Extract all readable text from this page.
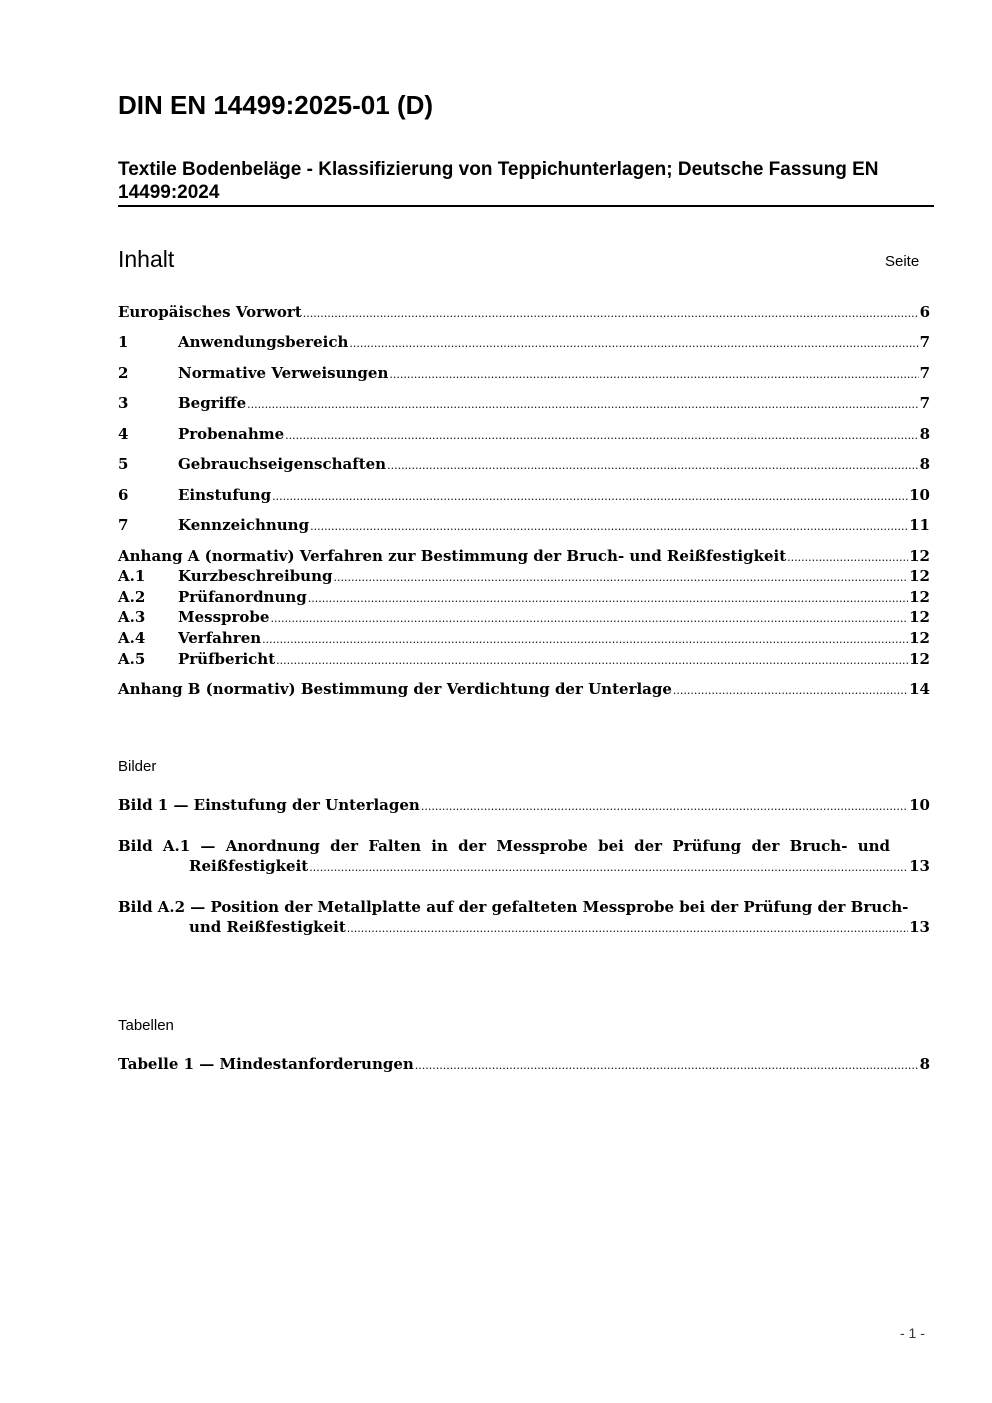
DIN EN 14499:2025-01 (D)
Textile Bodenbeläge - Klassifizierung von Teppichunterlagen; Deutsche Fassung EN 14499:2024
Inhalt	Seite
Europäisches Vorwort .....	6
1	Anwendungsbereich .....	7
2	Normative Verweisungen .....	7
3	Begriffe .....	7
4	Probenahme .....	8
5	Gebrauchseigenschaften .....	8
6	Einstufung .....	10
7	Kennzeichnung .....	11
Anhang A (normativ) Verfahren zur Bestimmung der Bruch- und Reißfestigkeit .....	12
A.1	Kurzbeschreibung .....	12
A.2	Prüfanordnung .....	12
A.3	Messprobe .....	12
A.4	Verfahren .....	12
A.5	Prüfbericht .....	12
Anhang B (normativ) Bestimmung der Verdichtung der Unterlage .....	14
Bilder
Bild 1 — Einstufung der Unterlagen .....	10
Bild A.1 — Anordnung der Falten in der Messprobe bei der Prüfung der Bruch- und
Reißfestigkeit .....	13
Bild A.2 — Position der Metallplatte auf der gefalteten Messprobe bei der Prüfung der Bruch-
und Reißfestigkeit .....	13
Tabellen
Tabelle 1 — Mindestanforderungen .....	8
- 1 -
